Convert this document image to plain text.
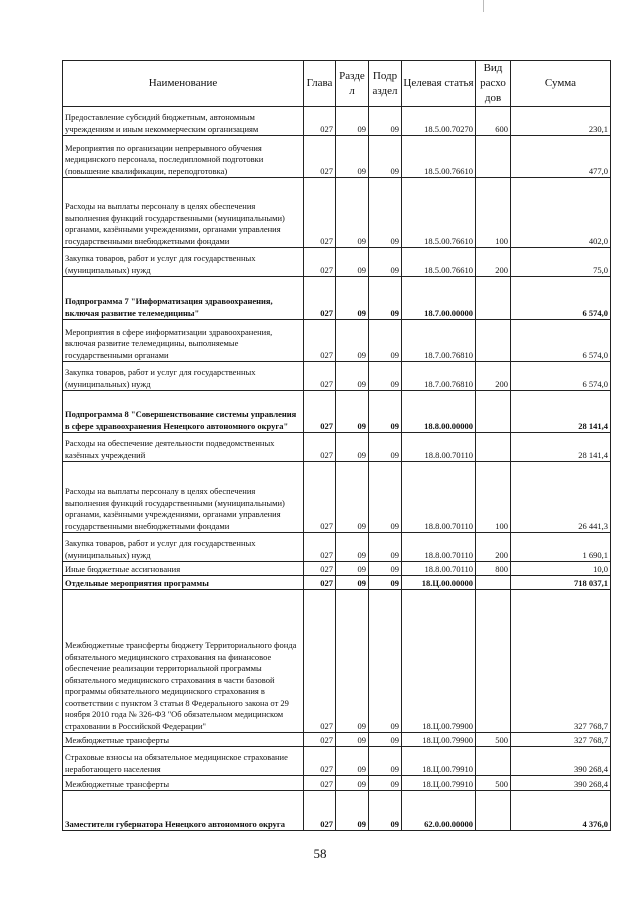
Наименование	Глава	Разде л	Подр аздел	Целевая статья	Вид расхо дов	Сумма
Предоставление субсидий бюджетным, автономным учреждениям и иным некоммерческим организациям	027	09	09	18.5.00.70270	600	230,1
Мероприятия по организации непрерывного обучения медицинского персонала, последипломной подготовки (повышение квалификации, переподготовка)	027	09	09	18.5.00.76610		477,0
Расходы на выплаты персоналу в целях обеспечения выполнения функций государственными (муниципальными) органами, казёнными учреждениями, органами управления государственными внебюджетными фондами	027	09	09	18.5.00.76610	100	402,0
Закупка товаров, работ и услуг для государственных (муниципальных) нужд	027	09	09	18.5.00.76610	200	75,0
Подпрограмма 7 "Информатизация здравоохранения, включая развитие телемедицины"	027	09	09	18.7.00.00000		6 574,0
Мероприятия в сфере информатизации здравоохранения, включая развитие телемедицины, выполняемые государственными органами	027	09	09	18.7.00.76810		6 574,0
Закупка товаров, работ и услуг для государственных (муниципальных) нужд	027	09	09	18.7.00.76810	200	6 574,0
Подпрограмма 8 "Совершенствование системы управления в сфере здравоохранения Ненецкого автономного округа"	027	09	09	18.8.00.00000		28 141,4
Расходы на обеспечение деятельности подведомственных казённых учреждений	027	09	09	18.8.00.70110		28 141,4
Расходы на выплаты персоналу в целях обеспечения выполнения функций государственными (муниципальными) органами, казёнными учреждениями, органами управления государственными внебюджетными фондами	027	09	09	18.8.00.70110	100	26 441,3
Закупка товаров, работ и услуг для государственных (муниципальных) нужд	027	09	09	18.8.00.70110	200	1 690,1
Иные бюджетные ассигнования	027	09	09	18.8.00.70110	800	10,0
Отдельные мероприятия программы	027	09	09	18.Ц.00.00000		718 037,1
Межбюджетные трансферты бюджету Территориального фонда обязательного медицинского страхования на финансовое обеспечение реализации территориальной программы обязательного медицинского страхования в части базовой программы обязательного медицинского страхования в соответствии с пунктом 3 статьи 8 Федерального закона от 29 ноября 2010 года № 326-ФЗ "Об обязательном медицинском страховании в Российской Федерации"	027	09	09	18.Ц.00.79900		327 768,7
Межбюджетные трансферты	027	09	09	18.Ц.00.79900	500	327 768,7
Страховые взносы на обязательное медицинское страхование неработающего населения	027	09	09	18.Ц.00.79910		390 268,4
Межбюджетные трансферты	027	09	09	18.Ц.00.79910	500	390 268,4
Заместители губернатора Ненецкого автономного округа	027	09	09	62.0.00.00000		4 376,0
58
